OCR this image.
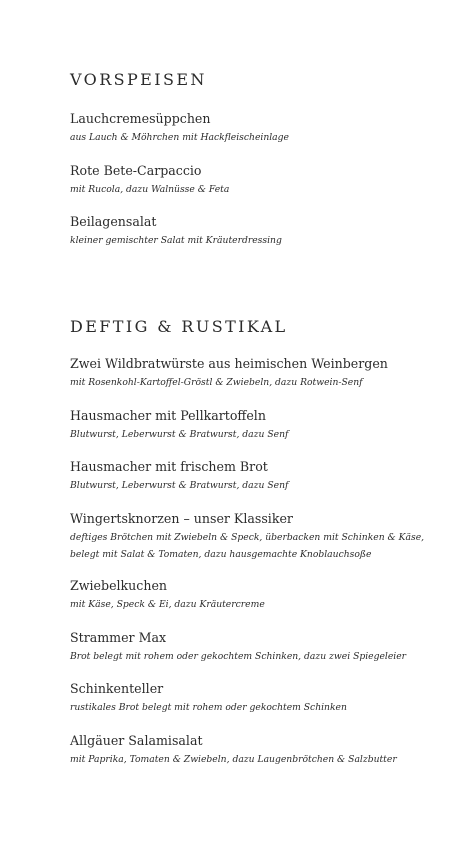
VORSPEISEN
Lauchcremesüppchen
aus Lauch & Möhrchen mit Hackfleischeinlage
Rote Bete-Carpaccio
mit Rucola, dazu Walnüsse & Feta
Beilagensalat
kleiner gemischter Salat mit Kräuterdressing
DEFTIG & RUSTIKAL
Zwei Wildbratwürste aus heimischen Weinbergen
mit Rosenkohl-Kartoffel-Gröstl & Zwiebeln, dazu Rotwein-Senf
Hausmacher mit Pellkartoffeln
Blutwurst, Leberwurst & Bratwurst, dazu Senf
Hausmacher mit frischem Brot
Blutwurst, Leberwurst & Bratwurst, dazu Senf
Wingertsknorzen – unser Klassiker
deftiges Brötchen mit Zwiebeln & Speck, überbacken mit Schinken & Käse,
belegt mit Salat & Tomaten, dazu hausgemachte Knoblauchsoße
Zwiebelkuchen
mit Käse, Speck & Ei, dazu Kräutercreme
Strammer Max
Brot belegt mit rohem oder gekochtem Schinken, dazu zwei Spiegeleier
Schinkenteller
rustikales Brot belegt mit rohem oder gekochtem Schinken
Allgäuer Salamisalat
mit Paprika, Tomaten & Zwiebeln, dazu Laugenbrötchen & Salzbutter
